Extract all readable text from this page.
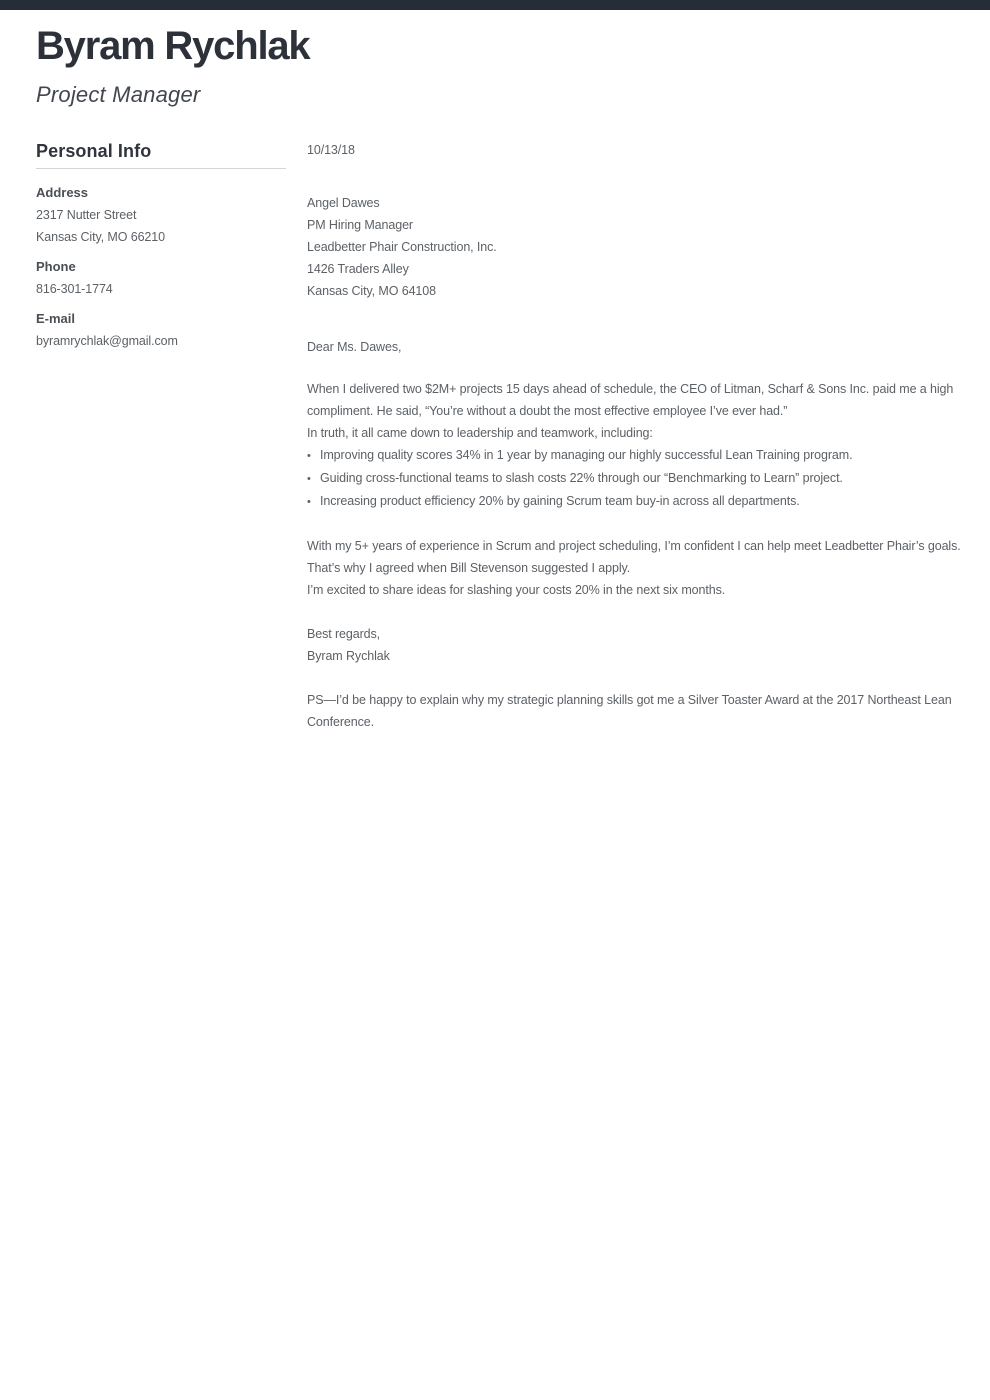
Byram Rychlak
Project Manager
Personal Info
Address
2317 Nutter Street
Kansas City, MO 66210
Phone
816-301-1774
E-mail
byramrychlak@gmail.com
10/13/18
Angel Dawes
PM Hiring Manager
Leadbetter Phair Construction, Inc.
1426 Traders Alley
Kansas City, MO 64108
Dear Ms. Dawes,

When I delivered two $2M+ projects 15 days ahead of schedule, the CEO of Litman, Scharf & Sons Inc. paid me a high compliment. He said, “You’re without a doubt the most effective employee I’ve ever had.”

In truth, it all came down to leadership and teamwork, including:

•
Improving quality scores 34% in 1 year by managing our highly successful Lean Training program.
•
Guiding cross-functional teams to slash costs 22% through our “Benchmarking to Learn” project.
•
Increasing product efficiency 20% by gaining Scrum team buy-in across all departments.

With my 5+ years of experience in Scrum and project scheduling, I’m confident I can help meet Leadbetter Phair’s goals. That’s why I agreed when Bill Stevenson suggested I apply.

I’m excited to share ideas for slashing your costs 20% in the next six months.

Best regards,
Byram Rychlak

PS—I’d be happy to explain why my strategic planning skills got me a Silver Toaster Award at the 2017 Northeast Lean Conference.
